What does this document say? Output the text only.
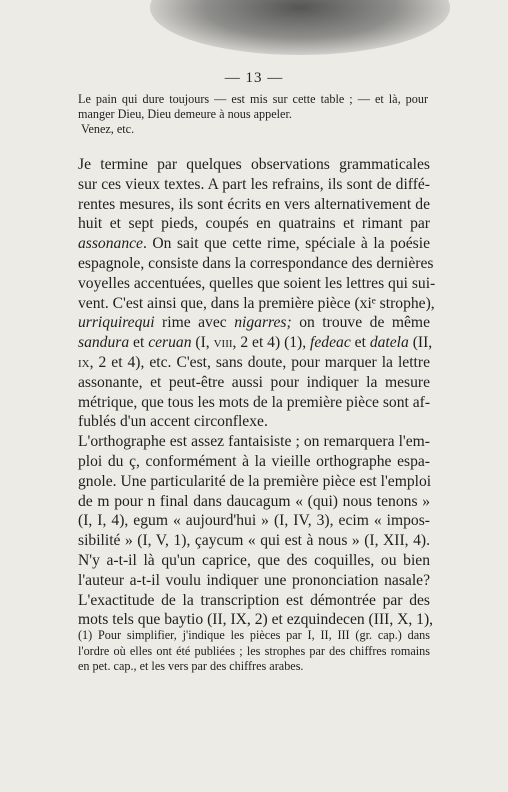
— 13 —

Le pain qui dure toujours — est mis sur cette table ; — et là, pour

manger Dieu, Dieu demeure à nous appeler.

Venez, etc.

Je termine par quelques observations grammaticales
sur ces vieux textes. A part les refrains, ils sont de diffé-
rentes mesures, ils sont écrits en vers alternativement de
huit et sept pieds, coupés en quatrains et rimant par
assonance. On sait que cette rime, spéciale à la poésie
espagnole, consiste dans la correspondance des dernières
voyelles accentuées, quelles que soient les lettres qui sui-
vent. C'est ainsi que, dans la première pièce (xiᵉ strophe),
urriquirequi rime avec nigarres; on trouve de même
sandura et ceruan (I, viii, 2 et 4) (1), fedeac et datela (II,
ix, 2 et 4), etc. C'est, sans doute, pour marquer la lettre
assonante, et peut-être aussi pour indiquer la mesure
métrique, que tous les mots de la première pièce sont af-
fublés d'un accent circonflexe.
L'orthographe est assez fantaisiste ; on remarquera l'em-
ploi du ç, conformément à la vieille orthographe espa-
gnole. Une particularité de la première pièce est l'emploi
de m pour n final dans daucagum « (qui) nous tenons »
(I, I, 4), egum « aujourd'hui » (I, IV, 3), ecim « impos-
sibilité » (I, V, 1), çaycum « qui est à nous » (I, XII, 4).
N'y a-t-il là qu'un caprice, que des coquilles, ou bien
l'auteur a-t-il voulu indiquer une prononciation nasale?
L'exactitude de la transcription est démontrée par des
mots tels que baytio (II, IX, 2) et ezquindecen (III, X, 1),
(1) Pour simplifier, j'indique les pièces par I, II, III (gr. cap.) dans
l'ordre où elles ont été publiées ; les strophes par des chiffres romains
en pet. cap., et les vers par des chiffres arabes.
